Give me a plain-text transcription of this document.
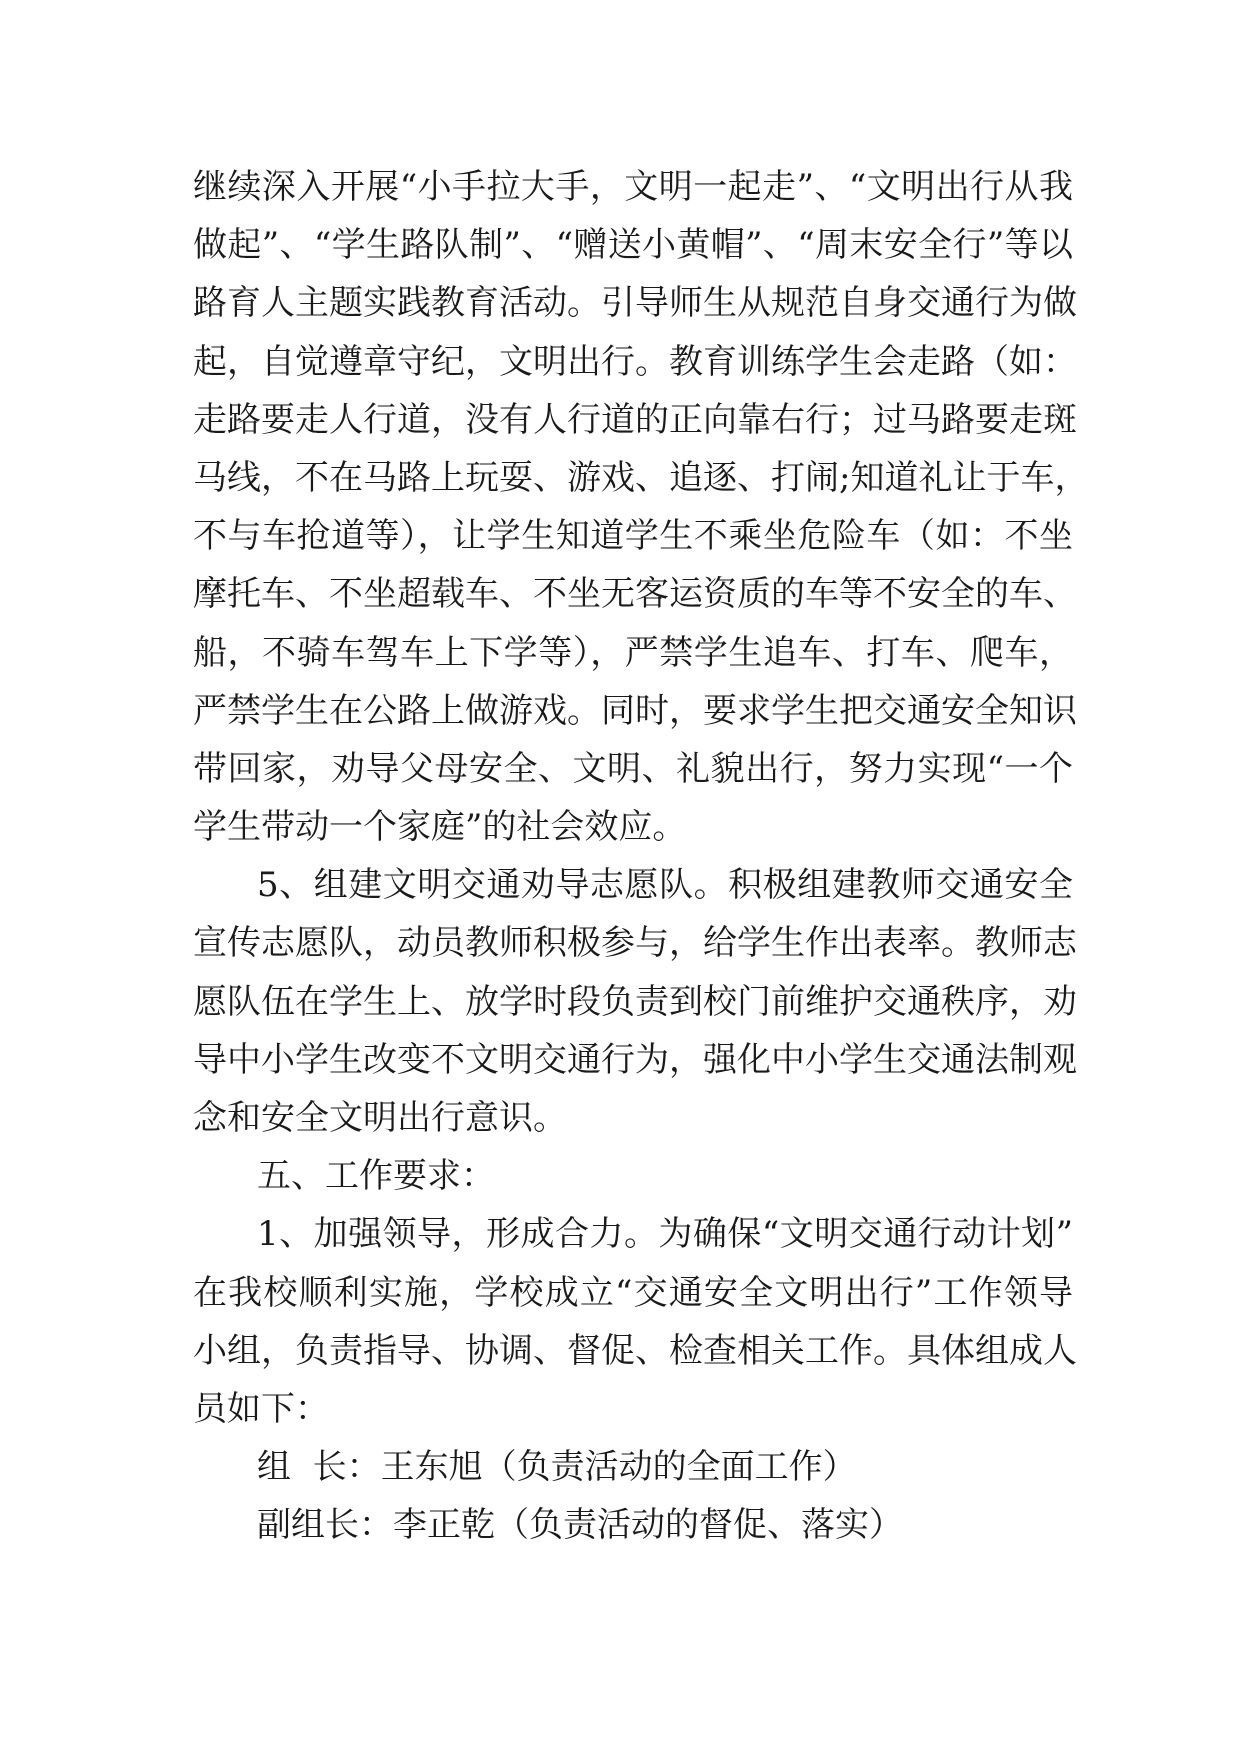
继续深入开展“小手拉大手，文明一起走”、“文明出行从我
做起”、“学生路队制”、“赠送小黄帽”、“周末安全行”等以
路育人主题实践教育活动。引导师生从规范自身交通行为做
起，自觉遵章守纪，文明出行。教育训练学生会走路（如：
走路要走人行道，没有人行道的正向靠右行；过马路要走斑
马线，不在马路上玩耍、游戏、追逐、打闹;知道礼让于车，
不与车抢道等），让学生知道学生不乘坐危险车（如：不坐
摩托车、不坐超载车、不坐无客运资质的车等不安全的车、
船，不骑车驾车上下学等），严禁学生追车、打车、爬车，
严禁学生在公路上做游戏。同时，要求学生把交通安全知识
带回家，劝导父母安全、文明、礼貌出行，努力实现“一个
学生带动一个家庭”的社会效应。
5、组建文明交通劝导志愿队。积极组建教师交通安全
宣传志愿队，动员教师积极参与，给学生作出表率。教师志
愿队伍在学生上、放学时段负责到校门前维护交通秩序，劝
导中小学生改变不文明交通行为，强化中小学生交通法制观
念和安全文明出行意识。
五、工作要求：
1、加强领导，形成合力。为确保“文明交通行动计划”
在我校顺利实施，学校成立“交通安全文明出行”工作领导
小组，负责指导、协调、督促、检查相关工作。具体组成人
员如下：
组  长：王东旭（负责活动的全面工作）
副组长：李正乾（负责活动的督促、落实）
